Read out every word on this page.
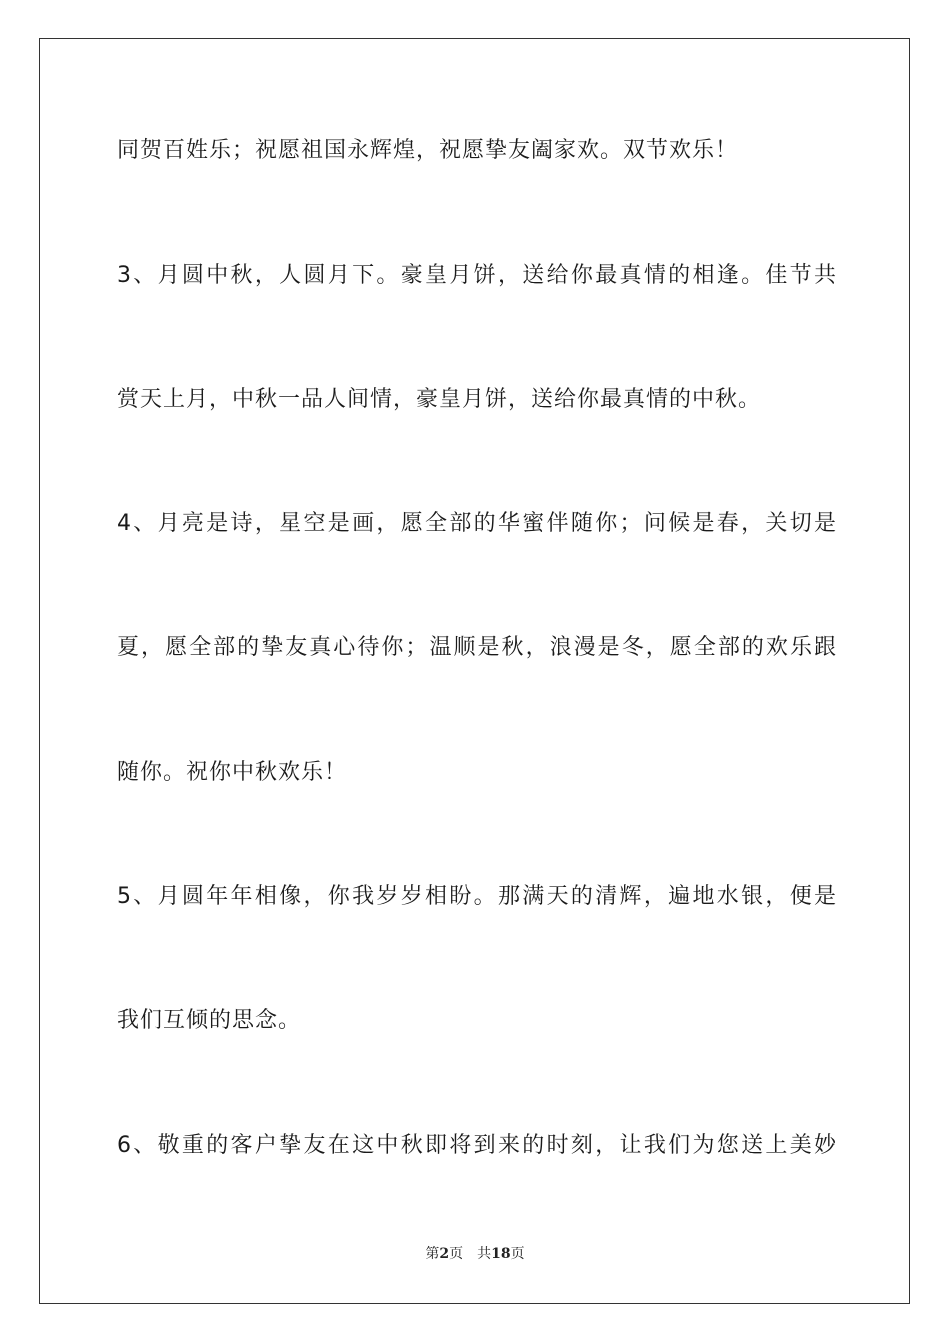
同贺百姓乐；祝愿祖国永辉煌，祝愿挚友阖家欢。双节欢乐！
3、月圆中秋，人圆月下。豪皇月饼，送给你最真情的相逢。佳节共
赏天上月，中秋一品人间情，豪皇月饼，送给你最真情的中秋。
4、月亮是诗，星空是画，愿全部的华蜜伴随你；问候是春，关切是
夏，愿全部的挚友真心待你；温顺是秋，浪漫是冬，愿全部的欢乐跟
随你。祝你中秋欢乐！
5、月圆年年相像，你我岁岁相盼。那满天的清辉，遍地水银，便是
我们互倾的思念。
6、敬重的客户挚友在这中秋即将到来的时刻，让我们为您送上美妙
第2页 共18页
